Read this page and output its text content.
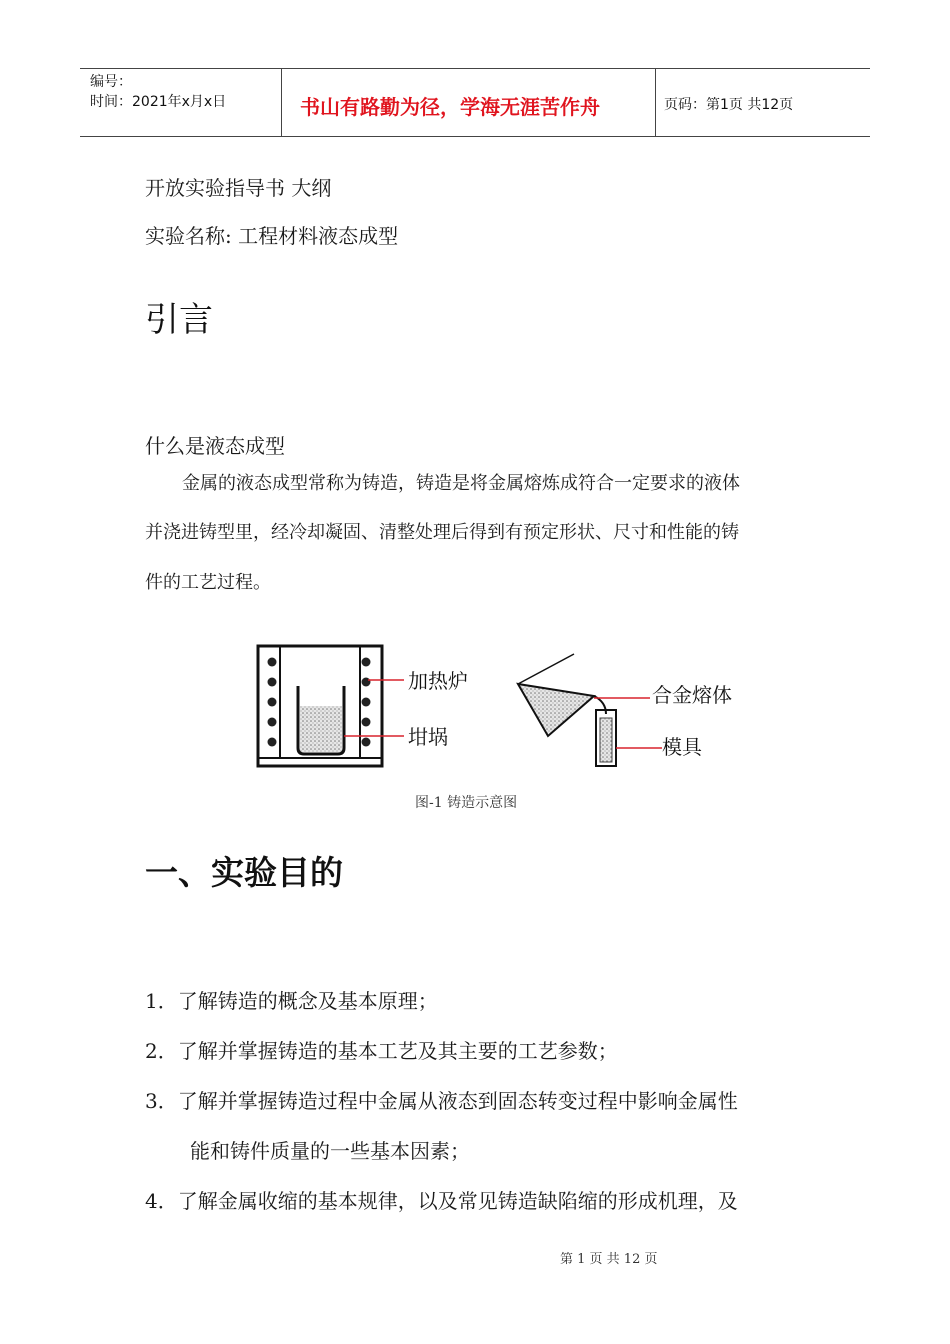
编号：
时间：2021年x月x日	书山有路勤为径，学海无涯苦作舟	页码：第1页 共12页
开放实验指导书 大纲
实验名称: 工程材料液态成型
引言
什么是液态成型
金属的液态成型常称为铸造，铸造是将金属熔炼成符合一定要求的液体
并浇进铸型里，经冷却凝固、清整处理后得到有预定形状、尺寸和性能的铸
件的工艺过程。
加热炉
坩埚
合金熔体
模具
图-1 铸造示意图
一、实验目的
1．了解铸造的概念及基本原理；
2．了解并掌握铸造的基本工艺及其主要的工艺参数；
3．了解并掌握铸造过程中金属从液态到固态转变过程中影响金属性
能和铸件质量的一些基本因素；
4．了解金属收缩的基本规律，以及常见铸造缺陷缩的形成机理，及
第 1 页 共 12 页
